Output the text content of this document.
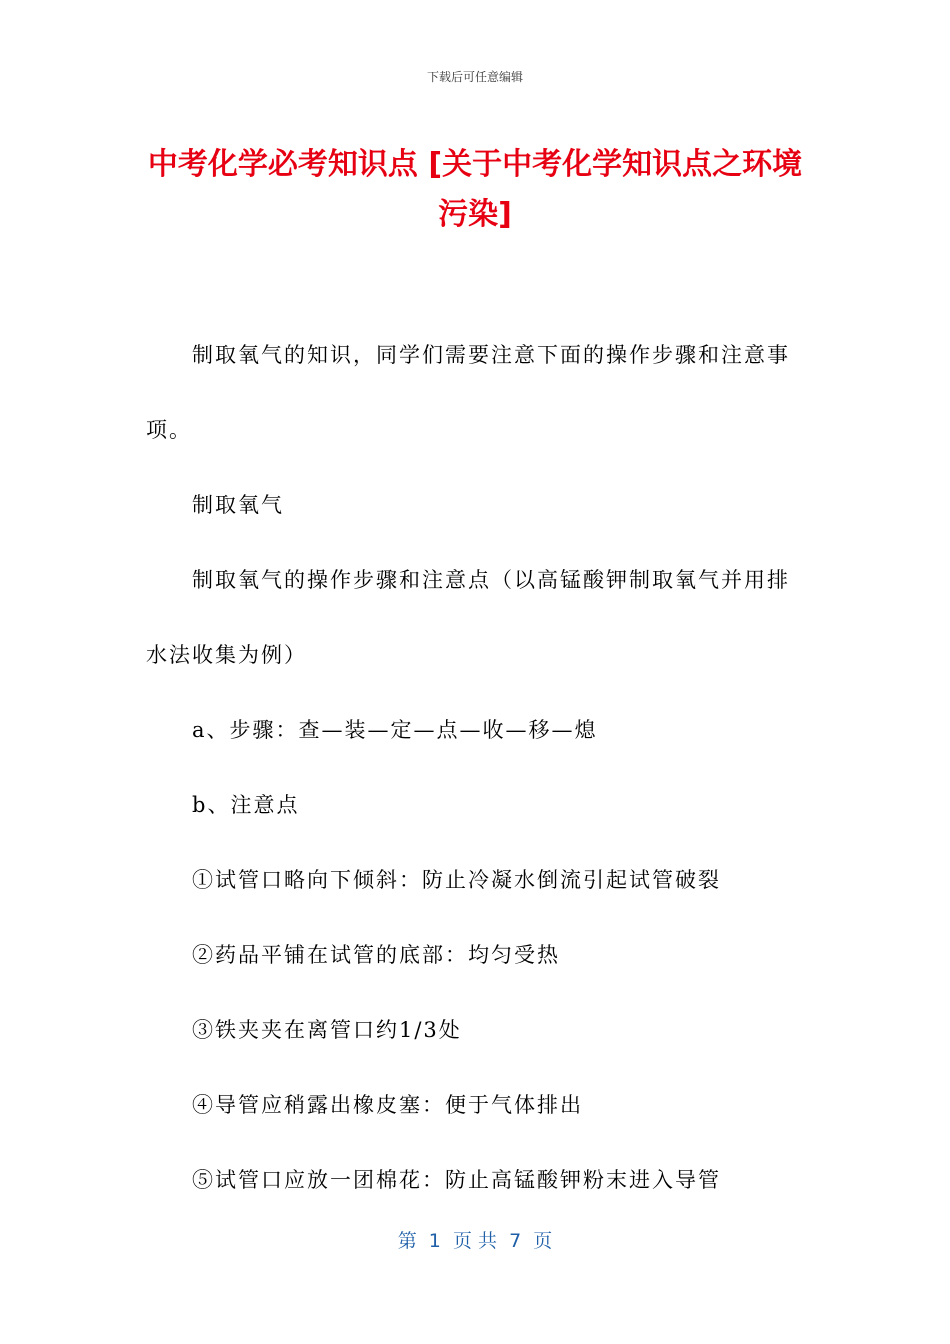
下载后可任意编辑
中考化学必考知识点 [关于中考化学知识点之环境污染]

制取氧气的知识，同学们需要注意下面的操作步骤和注意事项。

制取氧气

制取氧气的操作步骤和注意点（以高锰酸钾制取氧气并用排水法收集为例）

a、步骤：查—装—定—点—收—移—熄

b、注意点

①试管口略向下倾斜：防止冷凝水倒流引起试管破裂

②药品平铺在试管的底部：均匀受热

③铁夹夹在离管口约1/3处

④导管应稍露出橡皮塞：便于气体排出

⑤试管口应放一团棉花：防止高锰酸钾粉末进入导管

第  1  页 共  7  页
